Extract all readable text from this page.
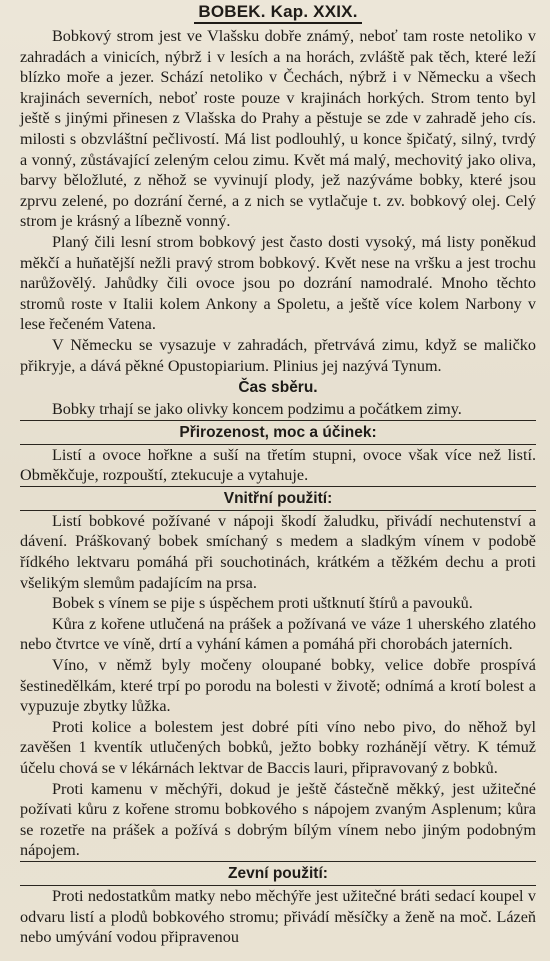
BOBEK. Kap. XXIX.

Bobkový strom jest ve Vlašsku dobře známý, neboť tam roste netoliko v zahradách a vinicích, nýbrž i v lesích a na horách, zvláště pak těch, které leží blízko moře a jezer. Schází netoliko v Čechách, nýbrž i v Německu a všech krajinách severních, neboť roste pouze v krajinách horkých. Strom tento byl ještě s jinými přinesen z Vlašska do Prahy a pěstuje se zde v zahradě jeho cís. milosti s obzvláštní pečlivostí. Má list podlouhlý, u konce špičatý, silný, tvrdý a vonný, zůstávající zeleným celou zimu. Květ má malý, mechovitý jako oliva, barvy běložluté, z něhož se vyvinují plody, jež nazýváme bobky, které jsou zprvu zelené, po dozrání černé, a z nich se vytlačuje t. zv. bobkový olej. Celý strom je krásný a líbezně vonný.

Planý čili lesní strom bobkový jest často dosti vysoký, má listy poněkud měkčí a huňatější nežli pravý strom bobkový. Květ nese na vršku a jest trochu narůžovělý. Jahůdky čili ovoce jsou po dozrání namodralé. Mnoho těchto stromů roste v Italii kolem Ankony a Spoletu, a ještě více kolem Narbony v lese řečeném Vatena.

V Německu se vysazuje v zahradách, přetrvává zimu, když se maličko přikryje, a dává pěkné Opustopiarium. Plinius jej nazývá Tynum.

Čas sběru.

Bobky trhají se jako olivky koncem podzimu a počátkem zimy.

Přirozenost, moc a účinek:

Listí a ovoce hořkne a suší na třetím stupni, ovoce však více než listí. Obměkčuje, rozpouští, ztekucuje a vytahuje.

Vnitřní použití:

Listí bobkové požívané v nápoji škodí žaludku, přivádí nechutenství a dávení. Práškovaný bobek smíchaný s medem a sladkým vínem v podobě řídkého lektvaru pomáhá při souchotinách, krátkém a těžkém dechu a proti všelikým slemům padajícím na prsa.

Bobek s vínem se pije s úspěchem proti uštknutí štírů a pavouků.

Kůra z kořene utlučená na prášek a požívaná ve váze 1 uherského zlatého nebo čtvrtce ve víně, drtí a vyhání kámen a pomáhá při chorobách jaterních.

Víno, v němž byly močeny oloupané bobky, velice dobře prospívá šestinedělkám, které trpí po porodu na bolesti v životě; odnímá a krotí bolest a vypuzuje zbytky lůžka.

Proti kolice a bolestem jest dobré píti víno nebo pivo, do něhož byl zavěšen 1 kventík utlučených bobků, ježto bobky rozhánějí větry. K témuž účelu chová se v lékárnách lektvar de Baccis lauri, připravovaný z bobků.

Proti kamenu v měchýři, dokud je ještě částečně měkký, jest užitečné požívati kůru z kořene stromu bobkového s nápojem zvaným Asplenum; kůra se rozetře na prášek a požívá s dobrým bílým vínem nebo jiným podobným nápojem.

Zevní použití:

Proti nedostatkům matky nebo měchýře jest užitečné bráti sedací koupel v odvaru listí a plodů bobkového stromu; přivádí měsíčky a ženě na moč. Lázeň nebo umývání vodou připravenou
